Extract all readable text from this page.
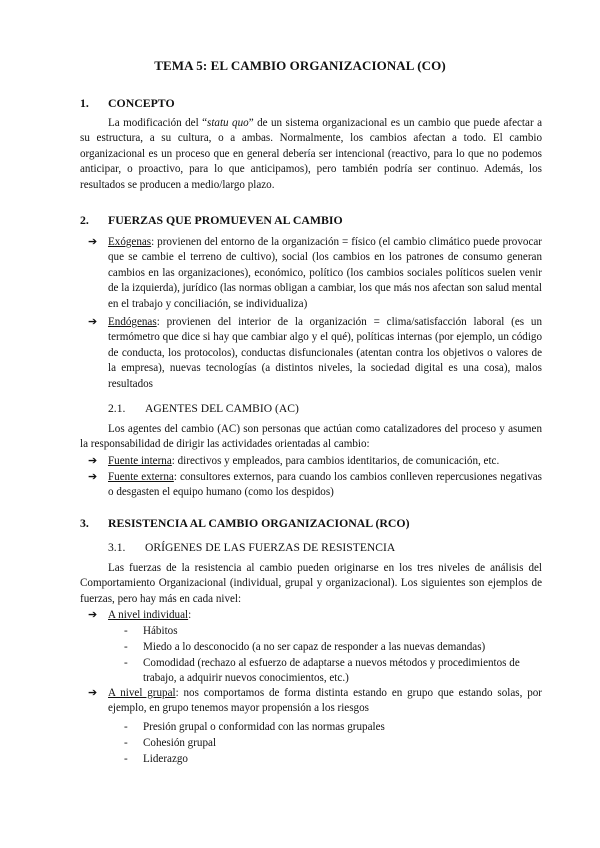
TEMA 5: EL CAMBIO ORGANIZACIONAL (CO)
1. CONCEPTO

La modificación del “statu quo” de un sistema organizacional es un cambio que puede afectar a su estructura, a su cultura, o a ambas. Normalmente, los cambios afectan a todo. El cambio organizacional es un proceso que en general debería ser intencional (reactivo, para lo que no podemos anticipar, o proactivo, para lo que anticipamos), pero también podría ser continuo. Además, los resultados se producen a medio/largo plazo.

2. FUERZAS QUE PROMUEVEN AL CAMBIO
➔ Exógenas: provienen del entorno de la organización = físico (el cambio climático puede provocar que se cambie el terreno de cultivo), social (los cambios en los patrones de consumo generan cambios en las organizaciones), económico, político (los cambios sociales políticos suelen venir de la izquierda), jurídico (las normas obligan a cambiar, los que más nos afectan son salud mental en el trabajo y conciliación, se individualiza)
➔ Endógenas: provienen del interior de la organización = clima/satisfacción laboral (es un termómetro que dice si hay que cambiar algo y el qué), políticas internas (por ejemplo, un código de conducta, los protocolos), conductas disfuncionales (atentan contra los objetivos o valores de la empresa), nuevas tecnologías (a distintos niveles, la sociedad digital es una cosa), malos resultados
2.1. AGENTES DEL CAMBIO (AC)

Los agentes del cambio (AC) son personas que actúan como catalizadores del proceso y asumen la responsabilidad de dirigir las actividades orientadas al cambio:

➔ Fuente interna: directivos y empleados, para cambios identitarios, de comunicación, etc.
➔ Fuente externa: consultores externos, para cuando los cambios conlleven repercusiones negativas o desgasten el equipo humano (como los despidos)
3. RESISTENCIA AL CAMBIO ORGANIZACIONAL (RCO)
3.1. ORÍGENES DE LAS FUERZAS DE RESISTENCIA

Las fuerzas de la resistencia al cambio pueden originarse en los tres niveles de análisis del Comportamiento Organizacional (individual, grupal y organizacional). Los siguientes son ejemplos de fuerzas, pero hay más en cada nivel:

➔ A nivel individual:
- Hábitos
- Miedo a lo desconocido (a no ser capaz de responder a las nuevas demandas)
- Comodidad (rechazo al esfuerzo de adaptarse a nuevos métodos y procedimientos de trabajo, a adquirir nuevos conocimientos, etc.)
➔ A nivel grupal: nos comportamos de forma distinta estando en grupo que estando solas, por ejemplo, en grupo tenemos mayor propensión a los riesgos
- Presión grupal o conformidad con las normas grupales
- Cohesión grupal
- Liderazgo
